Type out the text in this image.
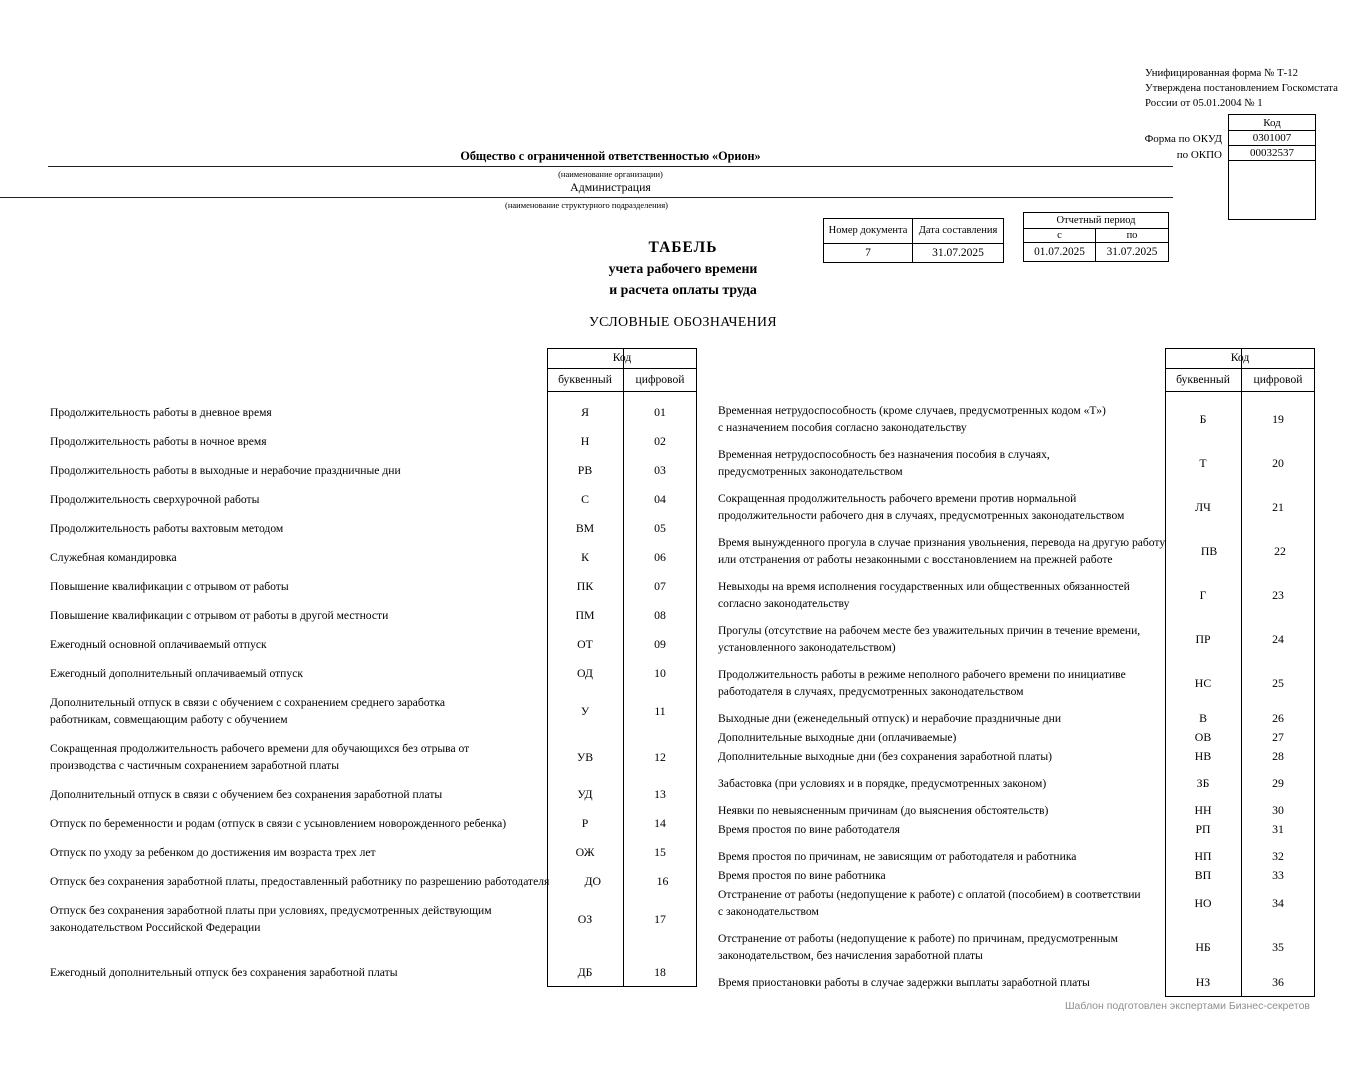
Унифицированная форма № Т-12
Утверждена постановлением Госкомстата
России от 05.01.2004 № 1
Код
0301007
00032537
Форма по ОКУД
по ОКПО
Общество с ограниченной ответственностью «Орион»
(наименование организации)
Администрация
(наименование структурного подразделения)
Номер документа	Дата составления
7	31.07.2025
Отчетный период
с	по
01.07.2025	31.07.2025
ТАБЕЛЬ
учета рабочего времени
и расчета оплаты труда
УСЛОВНЫЕ ОБОЗНАЧЕНИЯ
Код
буквенный	цифровой
Продолжительность работы в дневное время	Я	01
Продолжительность работы в ночное время	Н	02
Продолжительность работы в выходные и нерабочие праздничные дни	РВ	03
Продолжительность сверхурочной работы	С	04
Продолжительность работы вахтовым методом	ВМ	05
Служебная командировка	К	06
Повышение квалификации с отрывом от работы	ПК	07
Повышение квалификации с отрывом от работы в другой местности	ПМ	08
Ежегодный основной оплачиваемый отпуск	ОТ	09
Ежегодный дополнительный оплачиваемый отпуск	ОД	10
Дополнительный отпуск в связи с обучением с сохранением среднего заработка
работникам, совмещающим работу с обучением
У	11
Сокращенная продолжительность рабочего времени для обучающихся без отрыва от
производства с частичным сохранением заработной платы
УВ	12
Дополнительный отпуск в связи с обучением без сохранения заработной платы	УД	13
Отпуск по беременности и родам (отпуск в связи с усыновлением новорожденного ребенка)	Р	14
Отпуск по уходу за ребенком до достижения им возраста трех лет	ОЖ	15
Отпуск без сохранения заработной платы, предоставленный работнику по разрешению работодателя	ДО	16
Отпуск без сохранения заработной платы при условиях, предусмотренных действующим
законодательством Российской Федерации
ОЗ	17
Ежегодный дополнительный отпуск без сохранения заработной платы	ДБ	18
Код
буквенный	цифровой
Временная нетрудоспособность (кроме случаев, предусмотренных кодом «Т»)
с назначением пособия согласно законодательству
Б	19
Временная нетрудоспособность без назначения пособия в случаях,
предусмотренных законодательством
Т	20
Сокращенная продолжительность рабочего времени против нормальной
продолжительности рабочего дня в случаях, предусмотренных законодательством
ЛЧ	21
Время вынужденного прогула в случае признания увольнения, перевода на другую работу
или отстранения от работы незаконными с восстановлением на прежней работе
ПВ	22
Невыходы на время исполнения государственных или общественных обязанностей
согласно законодательству
Г	23
Прогулы (отсутствие на рабочем месте без уважительных причин в течение времени,
установленного законодательством)
ПР	24
Продолжительность работы в режиме неполного рабочего времени по инициативе
работодателя в случаях, предусмотренных законодательством
НС	25
Выходные дни (еженедельный отпуск) и нерабочие праздничные дни	В	26
Дополнительные выходные дни (оплачиваемые)	ОВ	27
Дополнительные выходные дни (без сохранения заработной платы)	НВ	28
Забастовка (при условиях и в порядке, предусмотренных законом)	ЗБ	29
Неявки по невыясненным причинам (до выяснения обстоятельств)	НН	30
Время простоя по вине работодателя	РП	31
Время простоя по причинам, не зависящим от работодателя и работника	НП	32
Время простоя по вине работника	ВП	33
Отстранение от работы (недопущение к работе) с оплатой (пособием) в соответствии
с законодательством
НО	34
Отстранение от работы (недопущение к работе) по причинам, предусмотренным
законодательством, без начисления заработной платы
НБ	35
Время приостановки работы в случае задержки выплаты заработной платы	НЗ	36
Шаблон подготовлен экспертами Бизнес-секретов
